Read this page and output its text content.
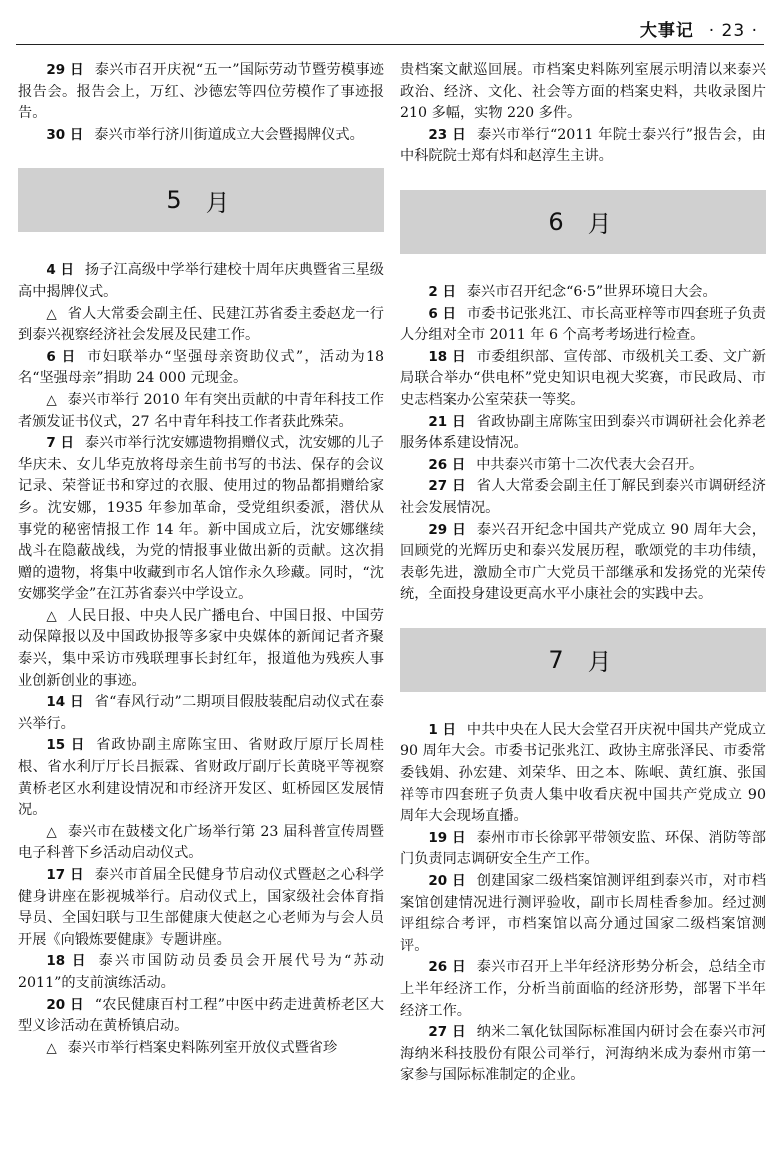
大事记 · 23 ·

29 日 泰兴市召开庆祝“五一”国际劳动节暨劳模事迹报告会。报告会上，万红、沙德宏等四位劳模作了事迹报告。

30 日 泰兴市举行济川街道成立大会暨揭牌仪式。

5 月

4 日 扬子江高级中学举行建校十周年庆典暨省三星级高中揭牌仪式。

△ 省人大常委会副主任、民建江苏省委主委赵龙一行到泰兴视察经济社会发展及民建工作。

6 日 市妇联举办“坚强母亲资助仪式”，活动为18名“坚强母亲”捐助 24 000 元现金。

△ 泰兴市举行 2010 年有突出贡献的中青年科技工作者颁发证书仪式，27 名中青年科技工作者获此殊荣。

7 日 泰兴市举行沈安娜遗物捐赠仪式，沈安娜的儿子华庆未、女儿华克放将母亲生前书写的书法、保存的会议记录、荣誉证书和穿过的衣服、使用过的物品都捐赠给家乡。沈安娜，1935 年参加革命，受党组织委派，潜伏从事党的秘密情报工作 14 年。新中国成立后，沈安娜继续战斗在隐蔽战线，为党的情报事业做出新的贡献。这次捐赠的遗物，将集中收藏到市名人馆作永久珍藏。同时，“沈安娜奖学金”在江苏省泰兴中学设立。

△ 人民日报、中央人民广播电台、中国日报、中国劳动保障报以及中国政协报等多家中央媒体的新闻记者齐聚泰兴，集中采访市残联理事长封红年，报道他为残疾人事业创新创业的事迹。

14 日 省“春风行动”二期项目假肢装配启动仪式在泰兴举行。

15 日 省政协副主席陈宝田、省财政厅原厅长周桂根、省水利厅厅长吕振霖、省财政厅副厅长黄晓平等视察黄桥老区水利建设情况和市经济开发区、虹桥园区发展情况。

△ 泰兴市在鼓楼文化广场举行第 23 届科普宣传周暨电子科普下乡活动启动仪式。

17 日 泰兴市首届全民健身节启动仪式暨赵之心科学健身讲座在影视城举行。启动仪式上，国家级社会体育指导员、全国妇联与卫生部健康大使赵之心老师为与会人员开展《向锻炼要健康》专题讲座。

18 日 泰兴市国防动员委员会开展代号为“苏动2011”的支前演练活动。

20 日 “农民健康百村工程”中医中药走进黄桥老区大型义诊活动在黄桥镇启动。

△ 泰兴市举行档案史料陈列室开放仪式暨省珍

贵档案文献巡回展。市档案史料陈列室展示明清以来泰兴政治、经济、文化、社会等方面的档案史料，共收录图片 210 多幅，实物 220 多件。

23 日 泰兴市举行“2011 年院士泰兴行”报告会，由中科院院士郑有炓和赵淳生主讲。

6 月

2 日 泰兴市召开纪念“6·5”世界环境日大会。

6 日 市委书记张兆江、市长高亚梓等市四套班子负责人分组对全市 2011 年 6 个高考考场进行检查。

18 日 市委组织部、宣传部、市级机关工委、文广新局联合举办“供电杯”党史知识电视大奖赛，市民政局、市史志档案办公室荣获一等奖。

21 日 省政协副主席陈宝田到泰兴市调研社会化养老服务体系建设情况。

26 日 中共泰兴市第十二次代表大会召开。

27 日 省人大常委会副主任丁解民到泰兴市调研经济社会发展情况。

29 日 泰兴召开纪念中国共产党成立 90 周年大会，回顾党的光辉历史和泰兴发展历程，歌颂党的丰功伟绩，表彰先进，激励全市广大党员干部继承和发扬党的光荣传统，全面投身建设更高水平小康社会的实践中去。

7 月

1 日 中共中央在人民大会堂召开庆祝中国共产党成立 90 周年大会。市委书记张兆江、政协主席张泽民、市委常委钱娟、孙宏建、刘荣华、田之本、陈岷、黄红旗、张国祥等市四套班子负责人集中收看庆祝中国共产党成立 90 周年大会现场直播。

19 日 泰州市市长徐郭平带领安监、环保、消防等部门负责同志调研安全生产工作。

20 日 创建国家二级档案馆测评组到泰兴市，对市档案馆创建情况进行测评验收，副市长周桂香参加。经过测评组综合考评，市档案馆以高分通过国家二级档案馆测评。

26 日 泰兴市召开上半年经济形势分析会，总结全市上半年经济工作，分析当前面临的经济形势，部署下半年经济工作。

27 日 纳米二氧化钛国际标准国内研讨会在泰兴市河海纳米科技股份有限公司举行，河海纳米成为泰州市第一家参与国际标准制定的企业。
